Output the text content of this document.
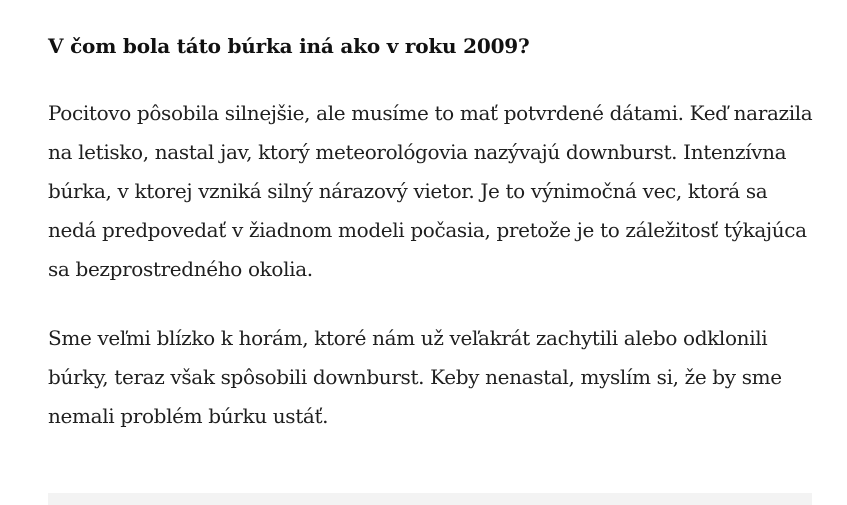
V čom bola táto búrka iná ako v roku 2009?

Pocitovo pôsobila silnejšie, ale musíme to mať potvrdené dátami. Keď narazila na letisko, nastal jav, ktorý meteorológovia nazývajú downburst. Intenzívna búrka, v ktorej vzniká silný nárazový vietor. Je to výnimočná vec, ktorá sa nedá predpovedať v žiadnom modeli počasia, pretože je to záležitosť týkajúca sa bezprostredného okolia.

Sme veľmi blízko k horám, ktoré nám už veľakrát zachytili alebo odklonili búrky, teraz však spôsobili downburst. Keby nenastal, myslím si, že by sme nemali problém búrku ustáť.
